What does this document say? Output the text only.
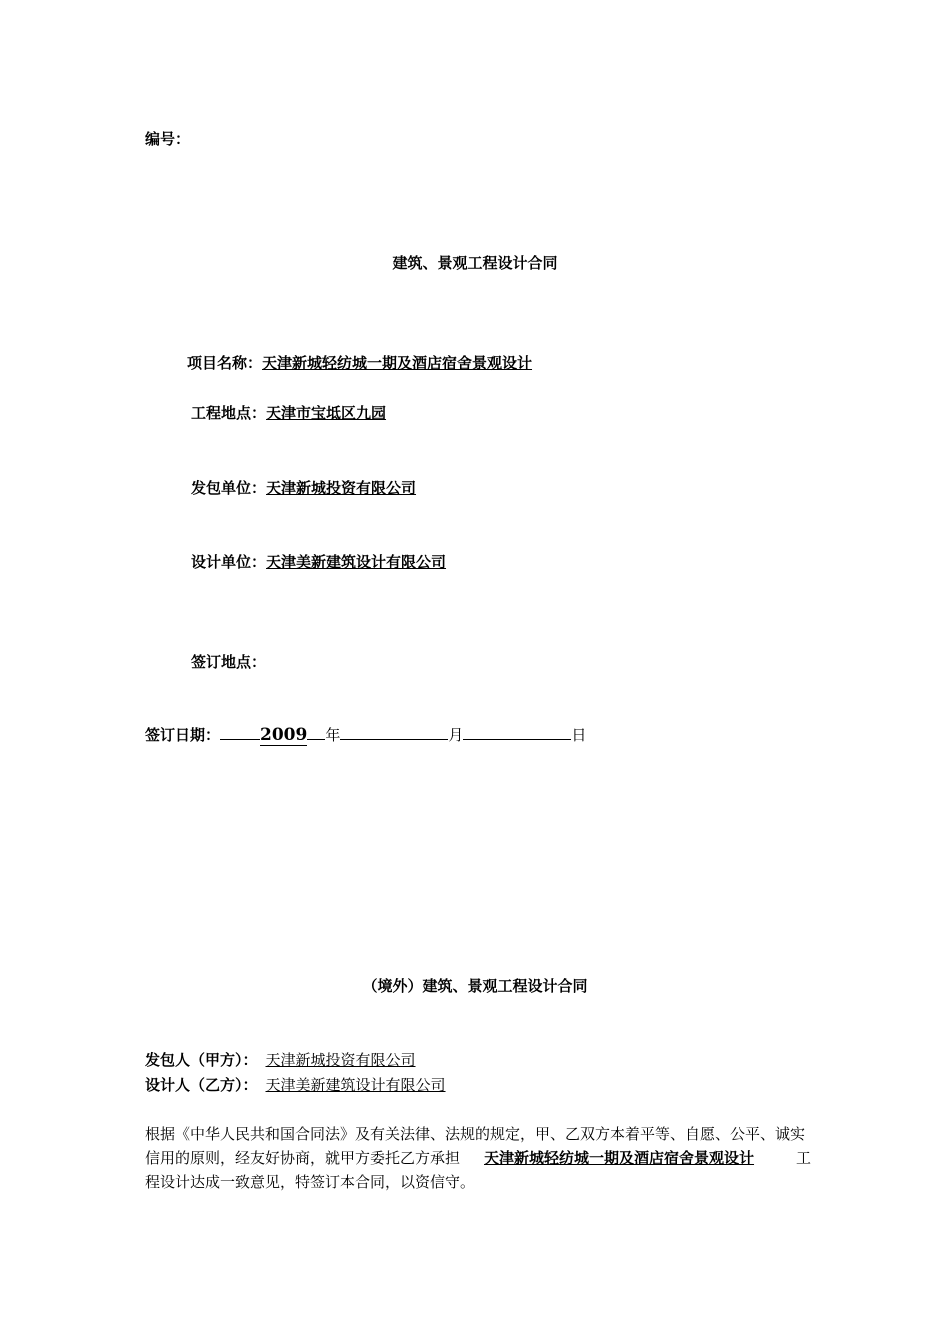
编号：
建筑、景观工程设计合同
项目名称：天津新城轻纺城一期及酒店宿舍景观设计
工程地点：天津市宝坻区九园
发包单位：天津新城投资有限公司
设计单位：天津美新建筑设计有限公司
签订地点：
签订日期： 2009 年	月	日
（境外）建筑、景观工程设计合同
发包人（甲方）： 天津新城投资有限公司
设计人（乙方）： 天津美新建筑设计有限公司
根据《中华人民共和国合同法》及有关法律、法规的规定，甲、乙双方本着平等、自愿、公平、诚实信用的原则，经友好协商，就甲方委托乙方承担 天津新城轻纺城一期及酒店宿舍景观设计	工程设计达成一致意见，特签订本合同，以资信守。
